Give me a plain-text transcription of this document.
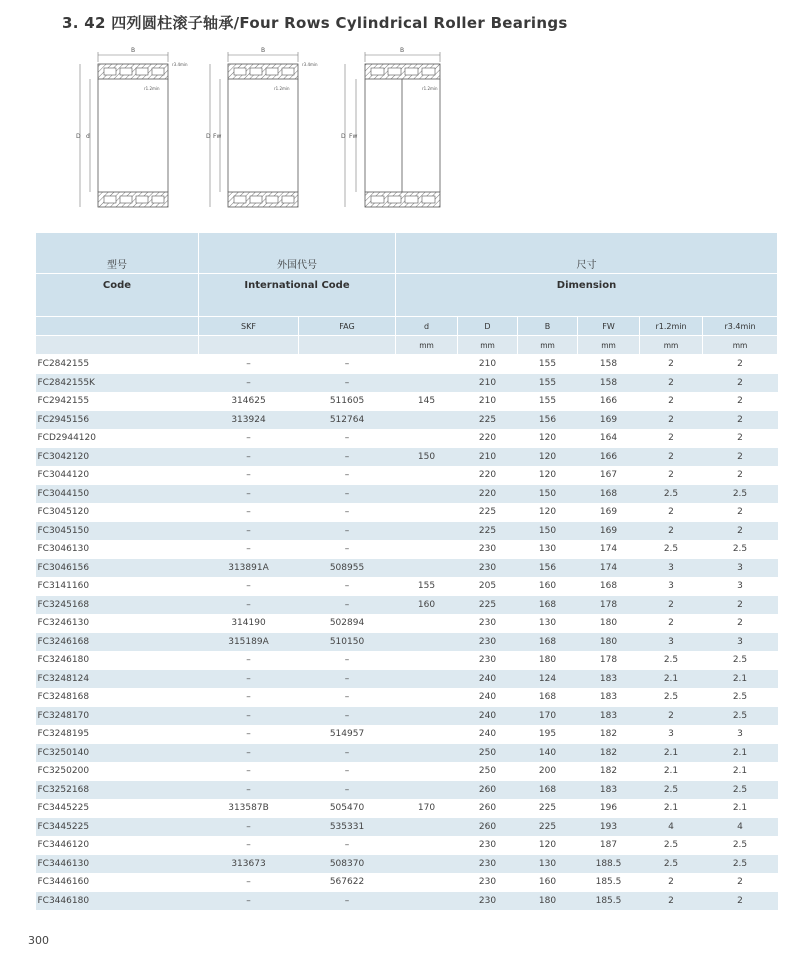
3. 42 四列圆柱滚子轴承/Four Rows Cylindrical Roller Bearings
B
D d
r3.4min
r1.2min
B
D Fw
r3.4min
r1.2min
B
D Fw
r1.2min
型号	外国代号		尺寸					
Code	International Code		Dimension					
	SKF	FAG	d	D	B	FW	r1.2min	r3.4min
			mm	mm	mm	mm	mm	mm
FC2842155	–	–		210	155	158	2	2
FC2842155K	–	–		210	155	158	2	2
FC2942155	314625	511605	145	210	155	166	2	2
FC2945156	313924	512764		225	156	169	2	2
FCD2944120	–	–		220	120	164	2	2
FC3042120	–	–	150	210	120	166	2	2
FC3044120	–	–		220	120	167	2	2
FC3044150	–	–		220	150	168	2.5	2.5
FC3045120	–	–		225	120	169	2	2
FC3045150	–	–		225	150	169	2	2
FC3046130	–	–		230	130	174	2.5	2.5
FC3046156	313891A	508955		230	156	174	3	3
FC3141160	–	–	155	205	160	168	3	3
FC3245168	–	–	160	225	168	178	2	2
FC3246130	314190	502894		230	130	180	2	2
FC3246168	315189A	510150		230	168	180	3	3
FC3246180	–	–		230	180	178	2.5	2.5
FC3248124	–	–		240	124	183	2.1	2.1
FC3248168	–	–		240	168	183	2.5	2.5
FC3248170	–	–		240	170	183	2	2.5
FC3248195	–	514957		240	195	182	3	3
FC3250140	–	–		250	140	182	2.1	2.1
FC3250200	–	–		250	200	182	2.1	2.1
FC3252168	–	–		260	168	183	2.5	2.5
FC3445225	313587B	505470	170	260	225	196	2.1	2.1
FC3445225	–	535331		260	225	193	4	4
FC3446120	–	–		230	120	187	2.5	2.5
FC3446130	313673	508370		230	130	188.5	2.5	2.5
FC3446160	–	567622		230	160	185.5	2	2
FC3446180	–	–		230	180	185.5	2	2
300
